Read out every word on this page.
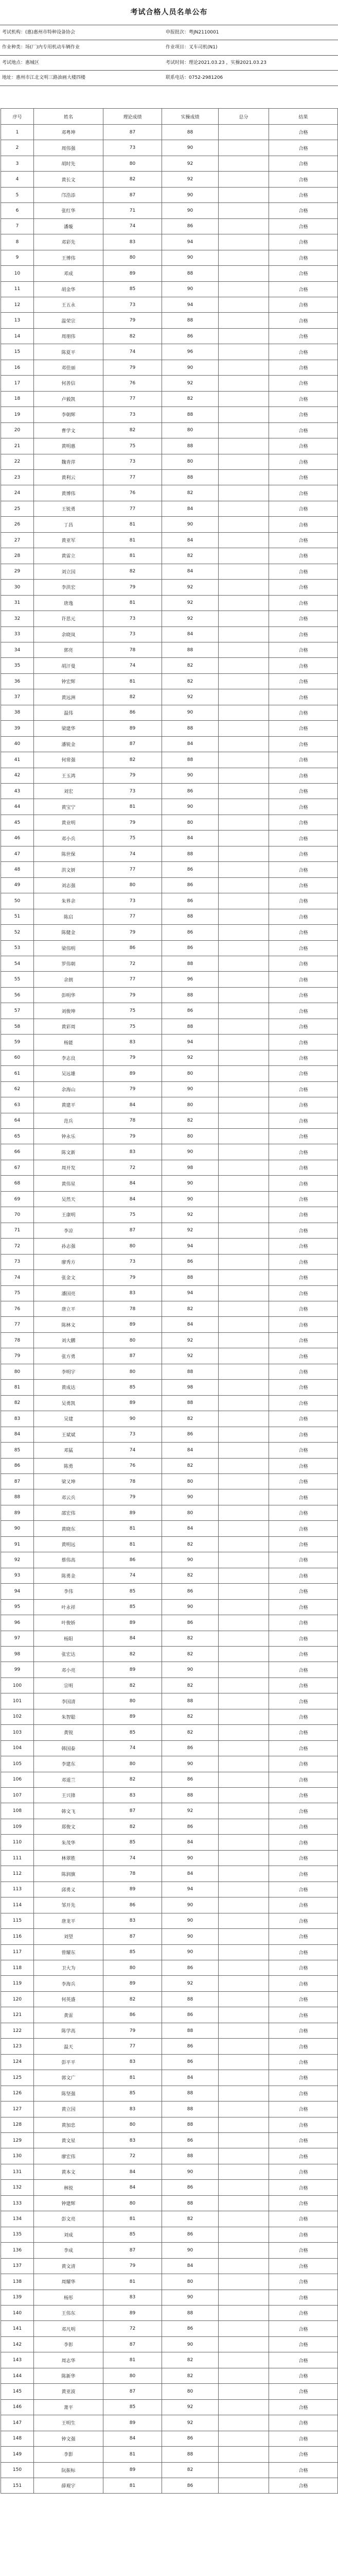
考试合格人员名单公布
考试机构：(惠)惠州市特种设备协会	申报批次：粤JN2110001
作业种类：场(厂)内专用机动车辆作业	作业项目：叉车司机(N1)
考试地点：惠城区	考试时间：理论2021.03.23 ，实操2021.03.23
地址：惠州市江北文明三路油画大楼四楼	联系电话：0752-2981206
序号	姓名	理论成绩	实操成绩	总分	结果
1	邓粤坤	87	88		合格
2	周伟强	73	90		合格
3	胡时先	80	92		合格
4	黄长文	82	92		合格
5	邝浩添	87	90		合格
6	张红华	71	90		合格
7	潘璇	74	86		合格
8	邓彩先	83	94		合格
9	王博伟	80	90		合格
10	邓成	89	88		合格
11	胡金华	85	90		合格
12	王五永	73	94		合格
13	温荣宗	79	88		合格
14	周朋伟	82	86		合格
15	陈夏平	74	96		合格
16	邓佳丽	79	90		合格
17	何善信	76	92		合格
18	卢毅凯	77	82		合格
19	李朝辉	73	88		合格
20	曹学文	82	80		合格
21	黄明惠	75	88		合格
22	魏青萍	73	80		合格
23	黄利云	77	88		合格
24	黄博伟	76	82		合格
25	王锐勇	77	84		合格
26	丁昌	81	90		合格
27	黄亚军	81	84		合格
28	黄雷立	81	82		合格
29	刘立国	82	84		合格
30	李洪宏	79	92		合格
31	唐逸	81	92		合格
32	许思元	73	92		合格
33	余晓岚	73	84		合格
34	郭亮	78	88		合格
35	胡汗曼	74	82		合格
36	钟宏辉	81	82		合格
37	黄远洲	82	92		合格
38	温伟	86	90		合格
39	梁建华	89	88		合格
40	潘锐金	87	84		合格
41	何常强	82	88		合格
42	王玉鸿	79	90		合格
43	刘宏	73	86		合格
44	黄宝宁	81	90		合格
45	黄业明	79	80		合格
46	邓小兵	75	84		合格
47	陈世保	74	88		合格
48	洪文妍	77	86		合格
49	刘志强	80	86		合格
50	朱界余	73	86		合格
51	陈启	77	88		合格
52	陈健金	79	86		合格
53	梁伟明	86	86		合格
54	罗伟朝	72	88		合格
55	余朗	77	96		合格
56	彭明华	79	88		合格
57	刘俊坤	75	86		合格
58	黄彩周	75	88		合格
59	杨能	83	94		合格
60	李志良	79	92		合格
61	吴远雄	89	80		合格
62	余海山	79	90		合格
63	黄建平	84	80		合格
64	范兵	78	82		合格
65	钟永乐	79	80		合格
66	陈文新	83	90		合格
67	周开发	72	98		合格
68	黄伟星	84	90		合格
69	吴然天	84	90		合格
70	王康明	75	92		合格
71	李凉	87	92		合格
72	孙志强	80	94		合格
73	廖秀方	73	86		合格
74	张金文	79	88		合格
75	潘国亮	83	94		合格
76	唐立平	78	82		合格
77	陈林文	89	84		合格
78	刘大鹏	80	92		合格
79	张方勇	87	92		合格
80	李明宇	80	88		合格
81	黄成达	85	98		合格
82	吴勇凯	89	88		合格
83	吴建	90	82		合格
84	王斌斌	73	86		合格
85	邓猛	74	84		合格
86	陈勇	76	82		合格
87	梁又坤	78	80		合格
88	邓云兵	79	90		合格
89	邵宏伟	89	80		合格
90	黄晓东	81	84		合格
91	黄明远	81	82		合格
92	蔡伟高	86	90		合格
93	陈勇金	74	82		合格
94	李伟	85	86		合格
95	叶永祥	85	90		合格
96	叶俊娇	89	86		合格
97	杨阳	84	82		合格
98	张宏达	82	82		合格
99	邓小亮	89	90		合格
100	宗明	82	82		合格
101	李国清	80	88		合格
102	朱智聪	89	82		合格
103	黄锐	85	82		合格
104	韩国泰	74	86		合格
105	李建东	80	90		合格
106	邓道兰	82	86		合格
107	王兴锋	83	88		合格
108	韩文飞	87	92		合格
109	郑俊文	82	86		合格
110	朱茂华	85	84		合格
111	林翠胜	74	90		合格
112	陈润旗	78	84		合格
113	邱勇义	89	94		合格
114	邹开先	86	90		合格
115	唐龙平	83	90		合格
116	刘望	87	90		合格
117	曾耀东	85	90		合格
118	卫大为	80	86		合格
119	李海兵	89	92		合格
120	何英盛	82	88		合格
121	黄雷	86	86		合格
122	陈学高	79	88		合格
123	温天	77	86		合格
124	彭平平	83	86		合格
125	郭文广	81	84		合格
126	陈坚强	85	88		合格
127	黄立国	83	88		合格
128	黄加忠	80	88		合格
129	黄文星	83	86		合格
130	廖宏伟	72	88		合格
131	黄本文	84	90		合格
132	林锐	84	86		合格
133	钟建辉	80	88		合格
134	彭文亮	81	82		合格
135	刘成	85	86		合格
136	李成	87	90		合格
137	黄文清	79	84		合格
138	周耀华	81	80		合格
139	杨彤	83	90		合格
140	王伟东	89	88		合格
141	邓凡明	72	86		合格
142	李彰	87	90		合格
143	周志华	81	82		合格
144	陈新华	80	82		合格
145	黄亚波	87	80		合格
146	萧平	85	92		合格
147	王明生	89	92		合格
148	钟文强	84	86		合格
149	李影	81	88		合格
150	阮振标	89	82		合格
151	薛观宇	81	86		合格
